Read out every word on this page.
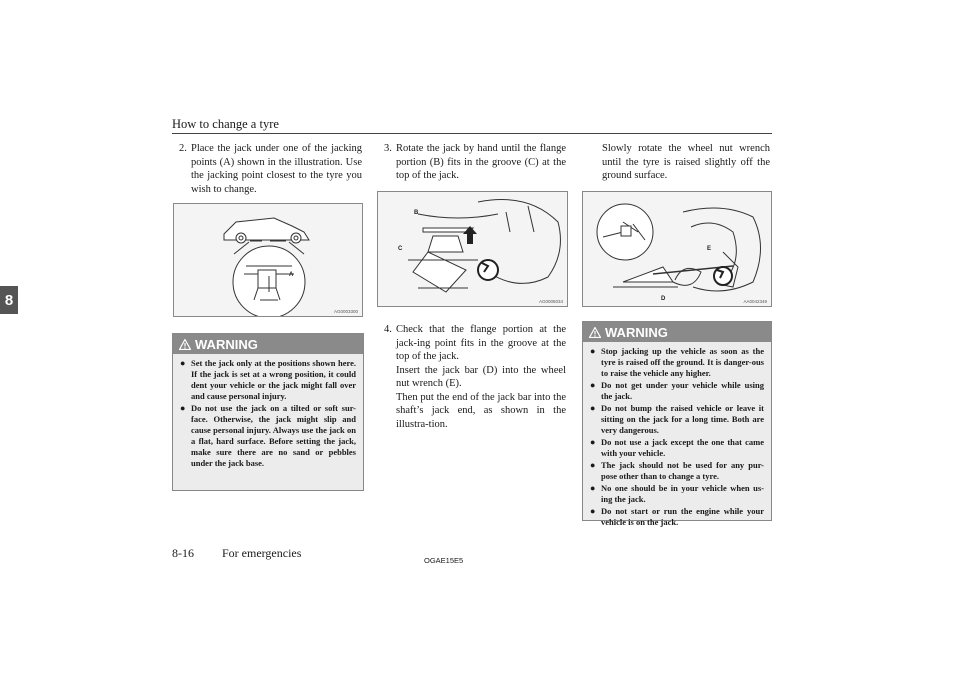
How to change a tyre
8
2. Place the jack under one of the jacking points (A) shown in the illustration. Use the jacking point closest to the tyre you wish to change.
A
AG0003300
WARNING
● Set the jack only at the positions shown here. If the jack is set at a wrong position, it could dent your vehicle or the jack might fall over and cause personal injury.
● Do not use the jack on a tilted or soft sur-face. Otherwise, the jack might slip and cause personal injury. Always use the jack on a flat, hard surface. Before setting the jack, make sure there are no sand or pebbles under the jack base.
3. Rotate the jack by hand until the flange portion (B) fits in the groove (C) at the top of the jack.
B
C
AG0005034
4. Check that the flange portion at the jack-ing point fits in the groove at the top of the jack.
Insert the jack bar (D) into the wheel nut wrench (E).
Then put the end of the jack bar into the shaft’s jack end, as shown in the illustra-tion.
Slowly rotate the wheel nut wrench until the tyre is raised slightly off the ground surface.
D
E
AA0042349
WARNING
● Stop jacking up the vehicle as soon as the tyre is raised off the ground. It is danger-ous to raise the vehicle any higher.
● Do not get under your vehicle while using the jack.
● Do not bump the raised vehicle or leave it sitting on the jack for a long time. Both are very dangerous.
● Do not use a jack except the one that came with your vehicle.
● The jack should not be used for any pur-pose other than to change a tyre.
● No one should be in your vehicle when us-ing the jack.
● Do not start or run the engine while your vehicle is on the jack.
8-16 For emergencies
OGAE15E5
